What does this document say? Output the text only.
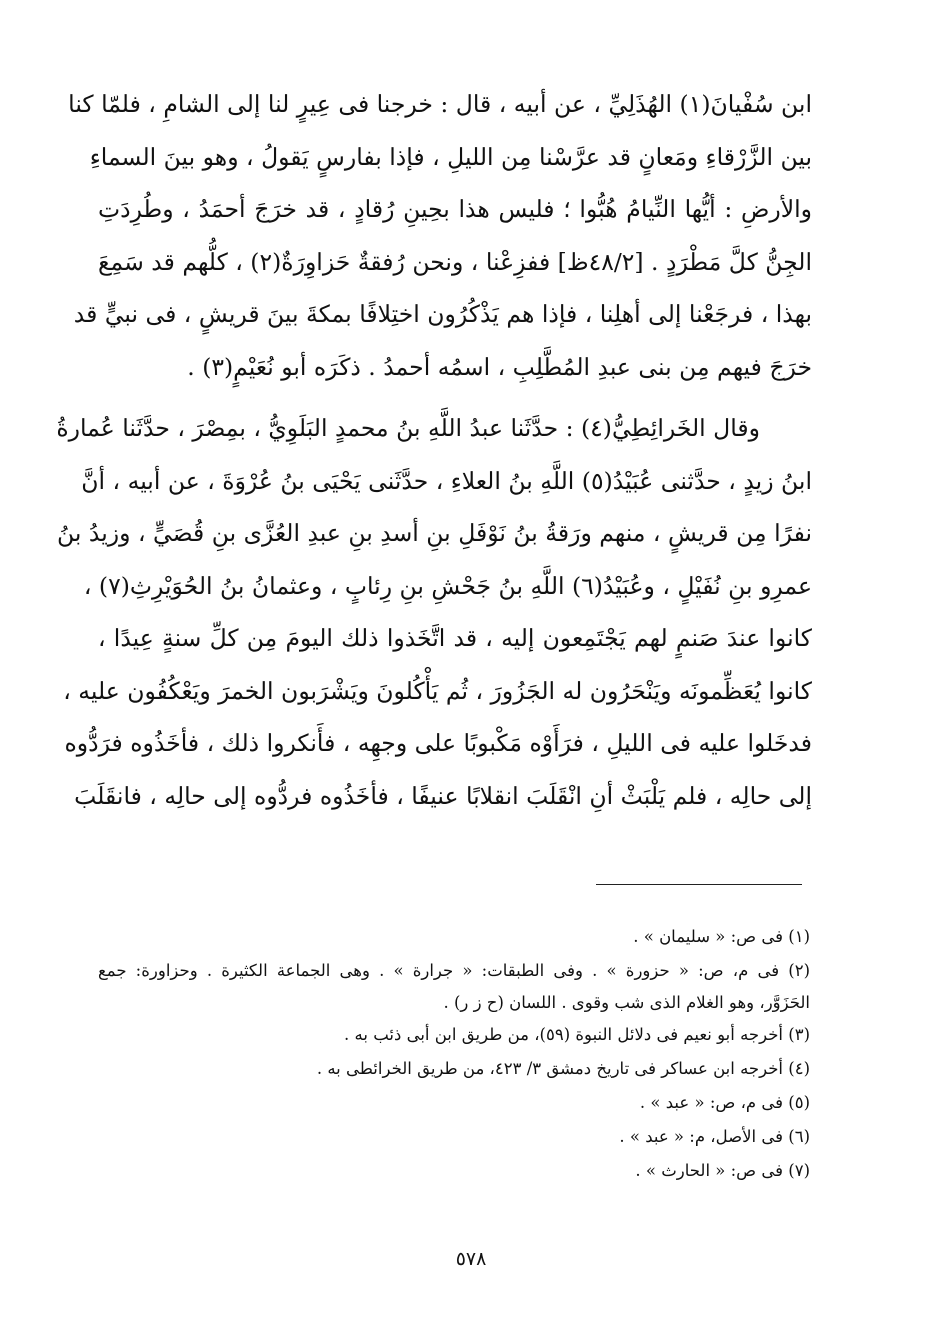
ابن سُفْيانَ(١) الهُذَلِيِّ ، عن أبيه ، قال : خرجنا فى عِيرٍ لنا إلى الشامِ ، فلمّا كنا
بين الزَّرْقاءِ ومَعانٍ قد عرَّسْنا مِن الليلِ ، فإذا بفارسٍ يَقولُ ، وهو بينَ السماءِ
والأرضِ : أيُّها النِّيامُ هُبُّوا ؛ فليس هذا بحِينِ رُقادٍ ، قد خرَجَ أحمَدُ ، وطُرِدَتِ
الجِنُّ كلَّ مَطْرَدٍ . [٤٨/٢ظ] ففزِعْنا ، ونحن رُفقةٌ حَزاوِرَةٌ(٢) ، كلُّهم قد سَمِعَ
بهذا ، فرجَعْنا إلى أهلِنا ، فإذا هم يَذْكُرُون اختِلافًا بمكةَ بينَ قريشٍ ، فى نبيٍّ قد
خرَجَ فيهم مِن بنى عبدِ المُطَّلِبِ ، اسمُه أحمدُ . ذكَرَه أبو نُعَيْمٍ(٣) .
وقال الخَرائِطِيُّ(٤) : حدَّثَنا عبدُ اللَّهِ بنُ محمدٍ البَلَوِيُّ ، بمِصْرَ ، حدَّثَنا عُمارةُ
ابنُ زيدٍ ، حدَّثنى عُبَيْدُ(٥) اللَّهِ بنُ العلاءِ ، حدَّثَنى يَحْيَى بنُ عُرْوَةَ ، عن أبيه ، أنَّ
نفرًا مِن قريشٍ ، منهم ورَقةُ بنُ نَوْفَلِ بنِ أسدِ بنِ عبدِ العُزَّى بنِ قُصَيٍّ ، وزيدُ بنُ
عمرِو بنِ نُفَيْلٍ ، وعُبَيْدُ(٦) اللَّهِ بنُ جَحْشِ بنِ رِئابٍ ، وعثمانُ بنُ الحُوَيْرِثِ(٧) ،
كانوا عندَ صَنمٍ لهم يَجْتَمِعون إليه ، قد اتَّخَذوا ذلك اليومَ مِن كلِّ سنةٍ عِيدًا ،
كانوا يُعَظِّمونَه ويَنْحَرُون له الجَزُورَ ، ثُم يَأْكُلونَ ويَشْرَبون الخمرَ ويَعْكُفُون عليه ،
فدخَلوا عليه فى الليلِ ، فرَأَوْه مَكْبوبًا على وجهِه ، فأَنكروا ذلك ، فأخَذُوه فرَدُّوه
إلى حالِه ، فلم يَلْبَثْ أنِ انْقَلَبَ انقلابًا عنيفًا ، فأخَذُوه فردُّوه إلى حالِه ، فانقَلَبَ
(١) فى ص: « سليمان » .
(٢) فى م، ص: « حزورة » . وفى الطبقات: « جرارة » . وهى الجماعة الكثيرة . وحزاورة: جمع
الحَزَوَّر، وهو الغلام الذى شب وقوى . اللسان (ح ز ر) .
(٣) أخرجه أبو نعيم فى دلائل النبوة (٥٩)، من طريق ابن أبى ذئب به .
(٤) أخرجه ابن عساكر فى تاريخ دمشق ٣/ ٤٢٣، من طريق الخرائطى به .
(٥) فى م، ص: « عبد » .
(٦) فى الأصل، م: « عبد » .
(٧) فى ص: « الحارث » .
٥٧٨
